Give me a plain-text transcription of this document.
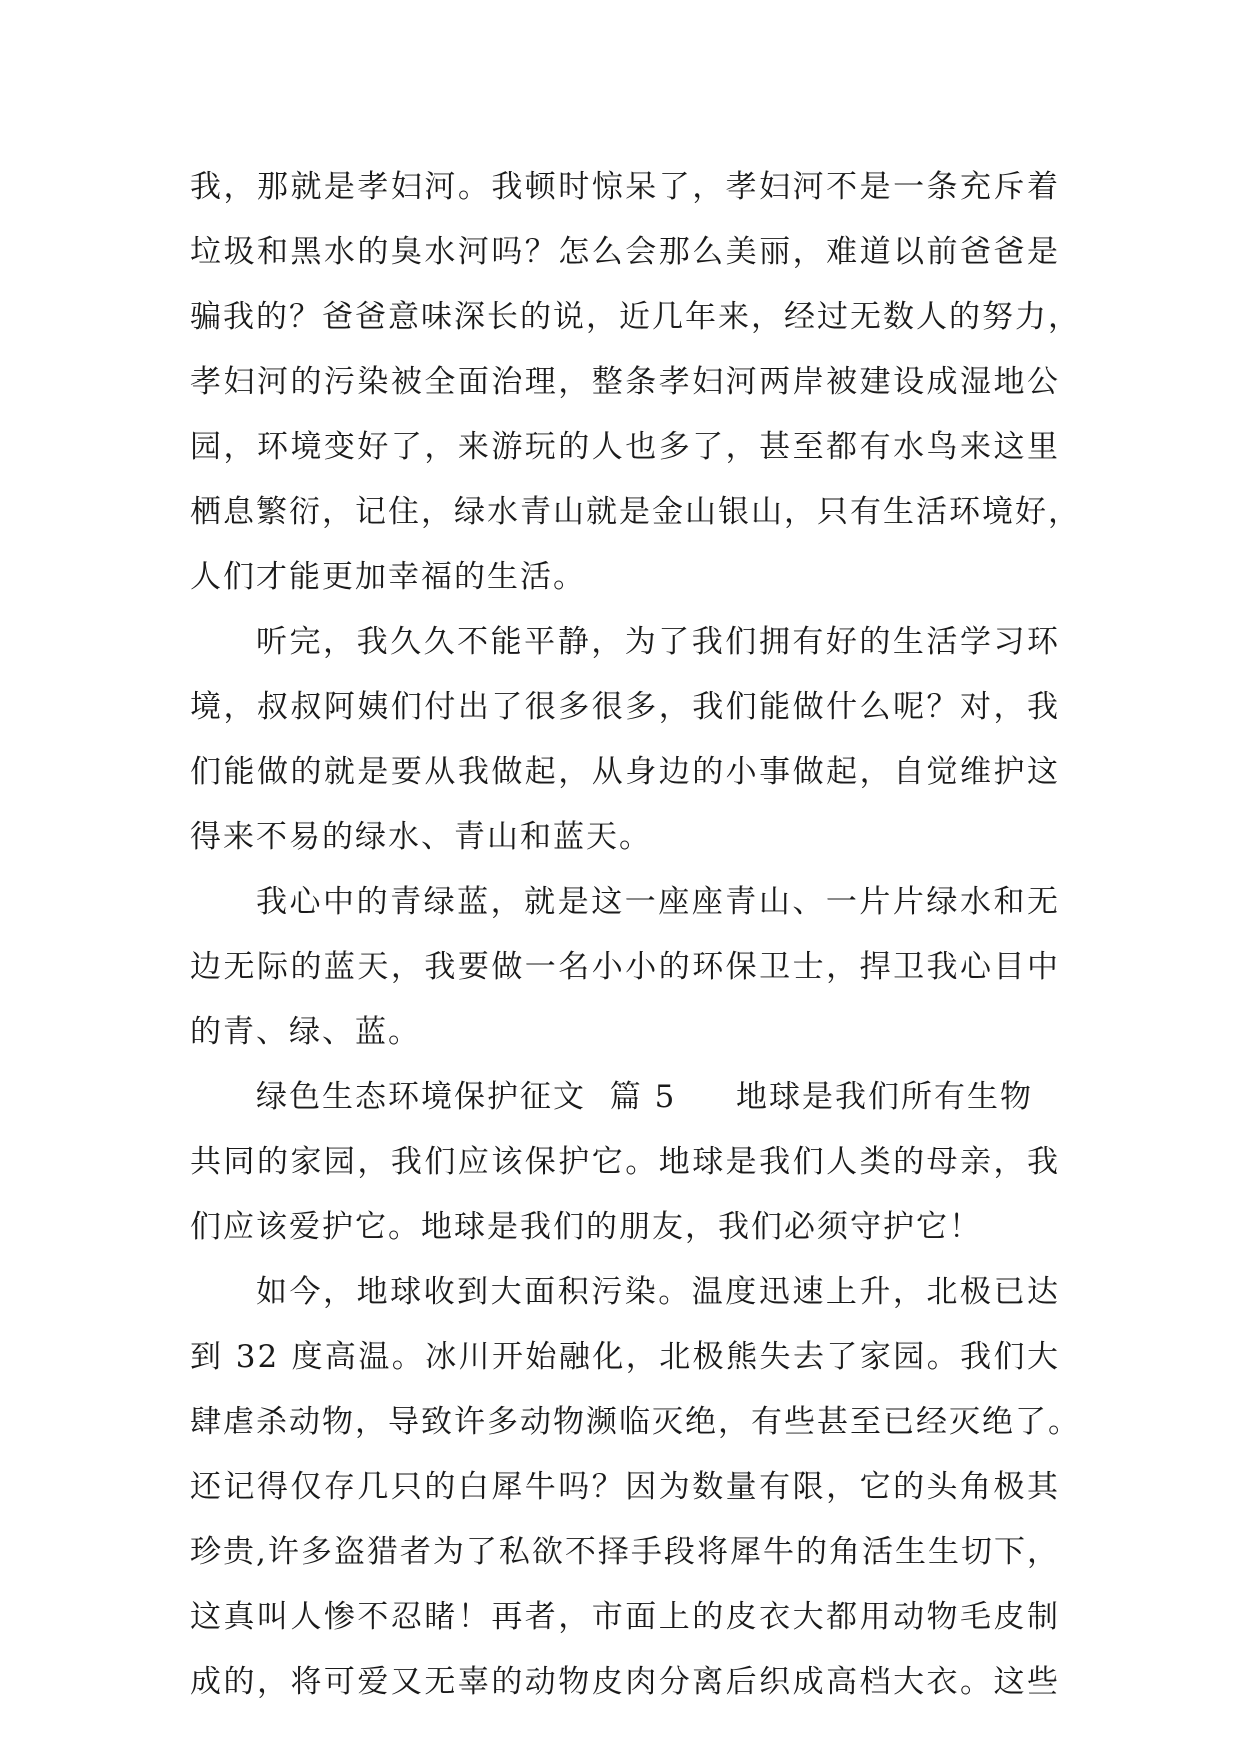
我，那就是孝妇河。我顿时惊呆了，孝妇河不是一条充斥着
垃圾和黑水的臭水河吗？怎么会那么美丽，难道以前爸爸是
骗我的？爸爸意味深长的说，近几年来，经过无数人的努力，
孝妇河的污染被全面治理，整条孝妇河两岸被建设成湿地公
园，环境变好了，来游玩的人也多了，甚至都有水鸟来这里
栖息繁衍，记住，绿水青山就是金山银山，只有生活环境好，
人们才能更加幸福的生活。
听完，我久久不能平静，为了我们拥有好的生活学习环
境，叔叔阿姨们付出了很多很多，我们能做什么呢？对，我
们能做的就是要从我做起，从身边的小事做起，自觉维护这
得来不易的绿水、青山和蓝天。
我心中的青绿蓝，就是这一座座青山、一片片绿水和无
边无际的蓝天，我要做一名小小的环保卫士，捍卫我心目中
的青、绿、蓝。
绿色生态环境保护征文 篇 5 地球是我们所有生物
共同的家园，我们应该保护它。地球是我们人类的母亲，我
们应该爱护它。地球是我们的朋友，我们必须守护它！
如今，地球收到大面积污染。温度迅速上升，北极已达
到 32 度高温。冰川开始融化，北极熊失去了家园。我们大
肆虐杀动物，导致许多动物濒临灭绝，有些甚至已经灭绝了。
还记得仅存几只的白犀牛吗？因为数量有限，它的头角极其
珍贵,许多盗猎者为了私欲不择手段将犀牛的角活生生切下，
这真叫人惨不忍睹！再者，市面上的皮衣大都用动物毛皮制
成的，将可爱又无辜的动物皮肉分离后织成高档大衣。这些
